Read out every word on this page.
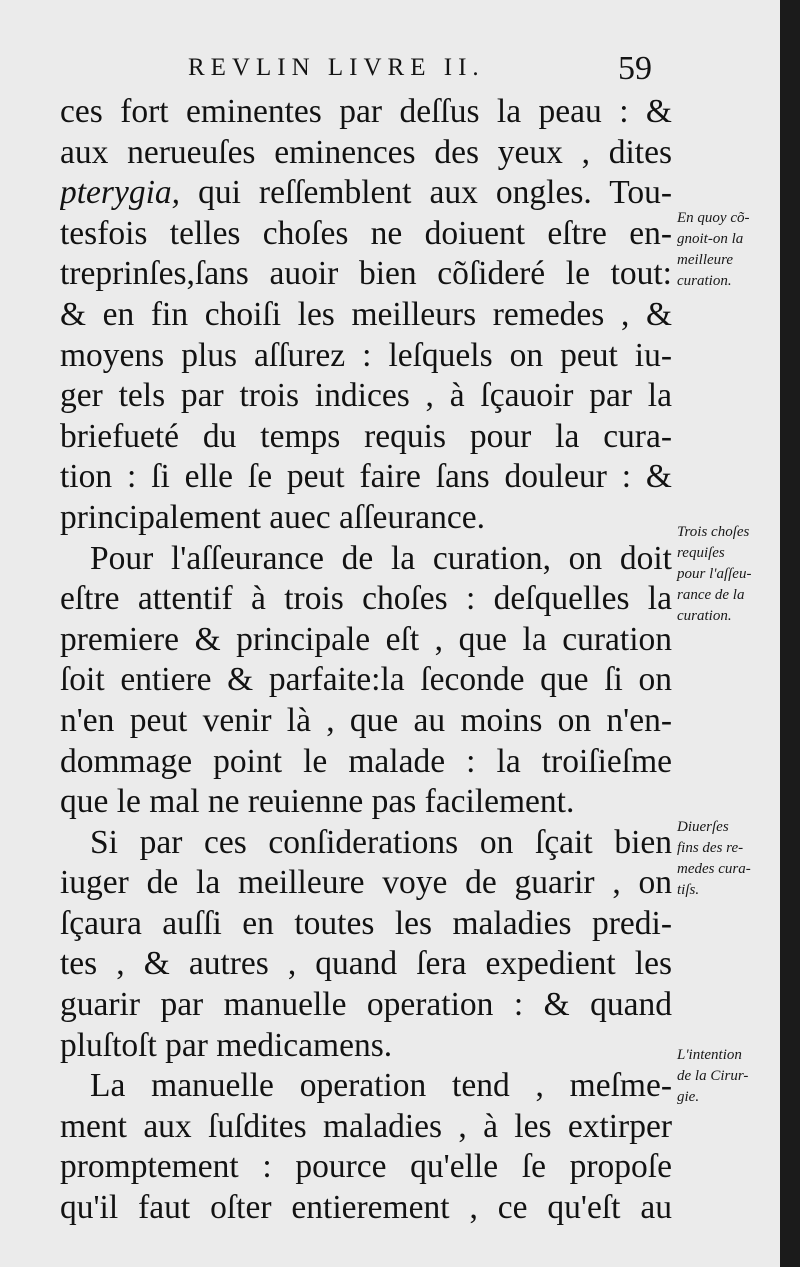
REVLIN LIVRE II.	59
ces fort eminentes par deſſus la peau : &
aux nerueuſes eminences des yeux , dites
pterygia, qui reſſemblent aux ongles. Tou-
tesfois telles choſes ne doiuent eſtre en-
treprinſes,ſans auoir bien cõſideré le tout:
& en fin choiſi les meilleurs remedes , &
moyens plus aſſurez : leſquels on peut iu-
ger tels par trois indices , à ſçauoir par la
briefueté du temps requis pour la cura-
tion : ſi elle ſe peut faire ſans douleur : &
principalement auec aſſeurance.
Pour l'aſſeurance de la curation, on doit
eſtre attentif à trois choſes : deſquelles la
premiere & principale eſt , que la curation
ſoit entiere & parfaite:la ſeconde que ſi on
n'en peut venir là , que au moins on n'en-
dommage point le malade : la troiſieſme
que le mal ne reuienne pas facilement.
Si par ces conſiderations on ſçait bien
iuger de la meilleure voye de guarir , on
ſçaura auſſi en toutes les maladies predi-
tes , & autres , quand ſera expedient les
guarir par manuelle operation : & quand
pluſtoſt par medicamens.
La manuelle operation tend , meſme-
ment aux ſuſdites maladies , à les extirper
promptement : pource qu'elle ſe propoſe
qu'il faut oſter entierement , ce qu'eſt au
En quoy cõ-
gnoit-on la
meilleure
curation.
Trois choſes
requiſes
pour l'aſſeu-
rance de la
curation.
Diuerſes
fins des re-
medes cura-
tiſs.
L'intention
de la Cirur-
gie.
